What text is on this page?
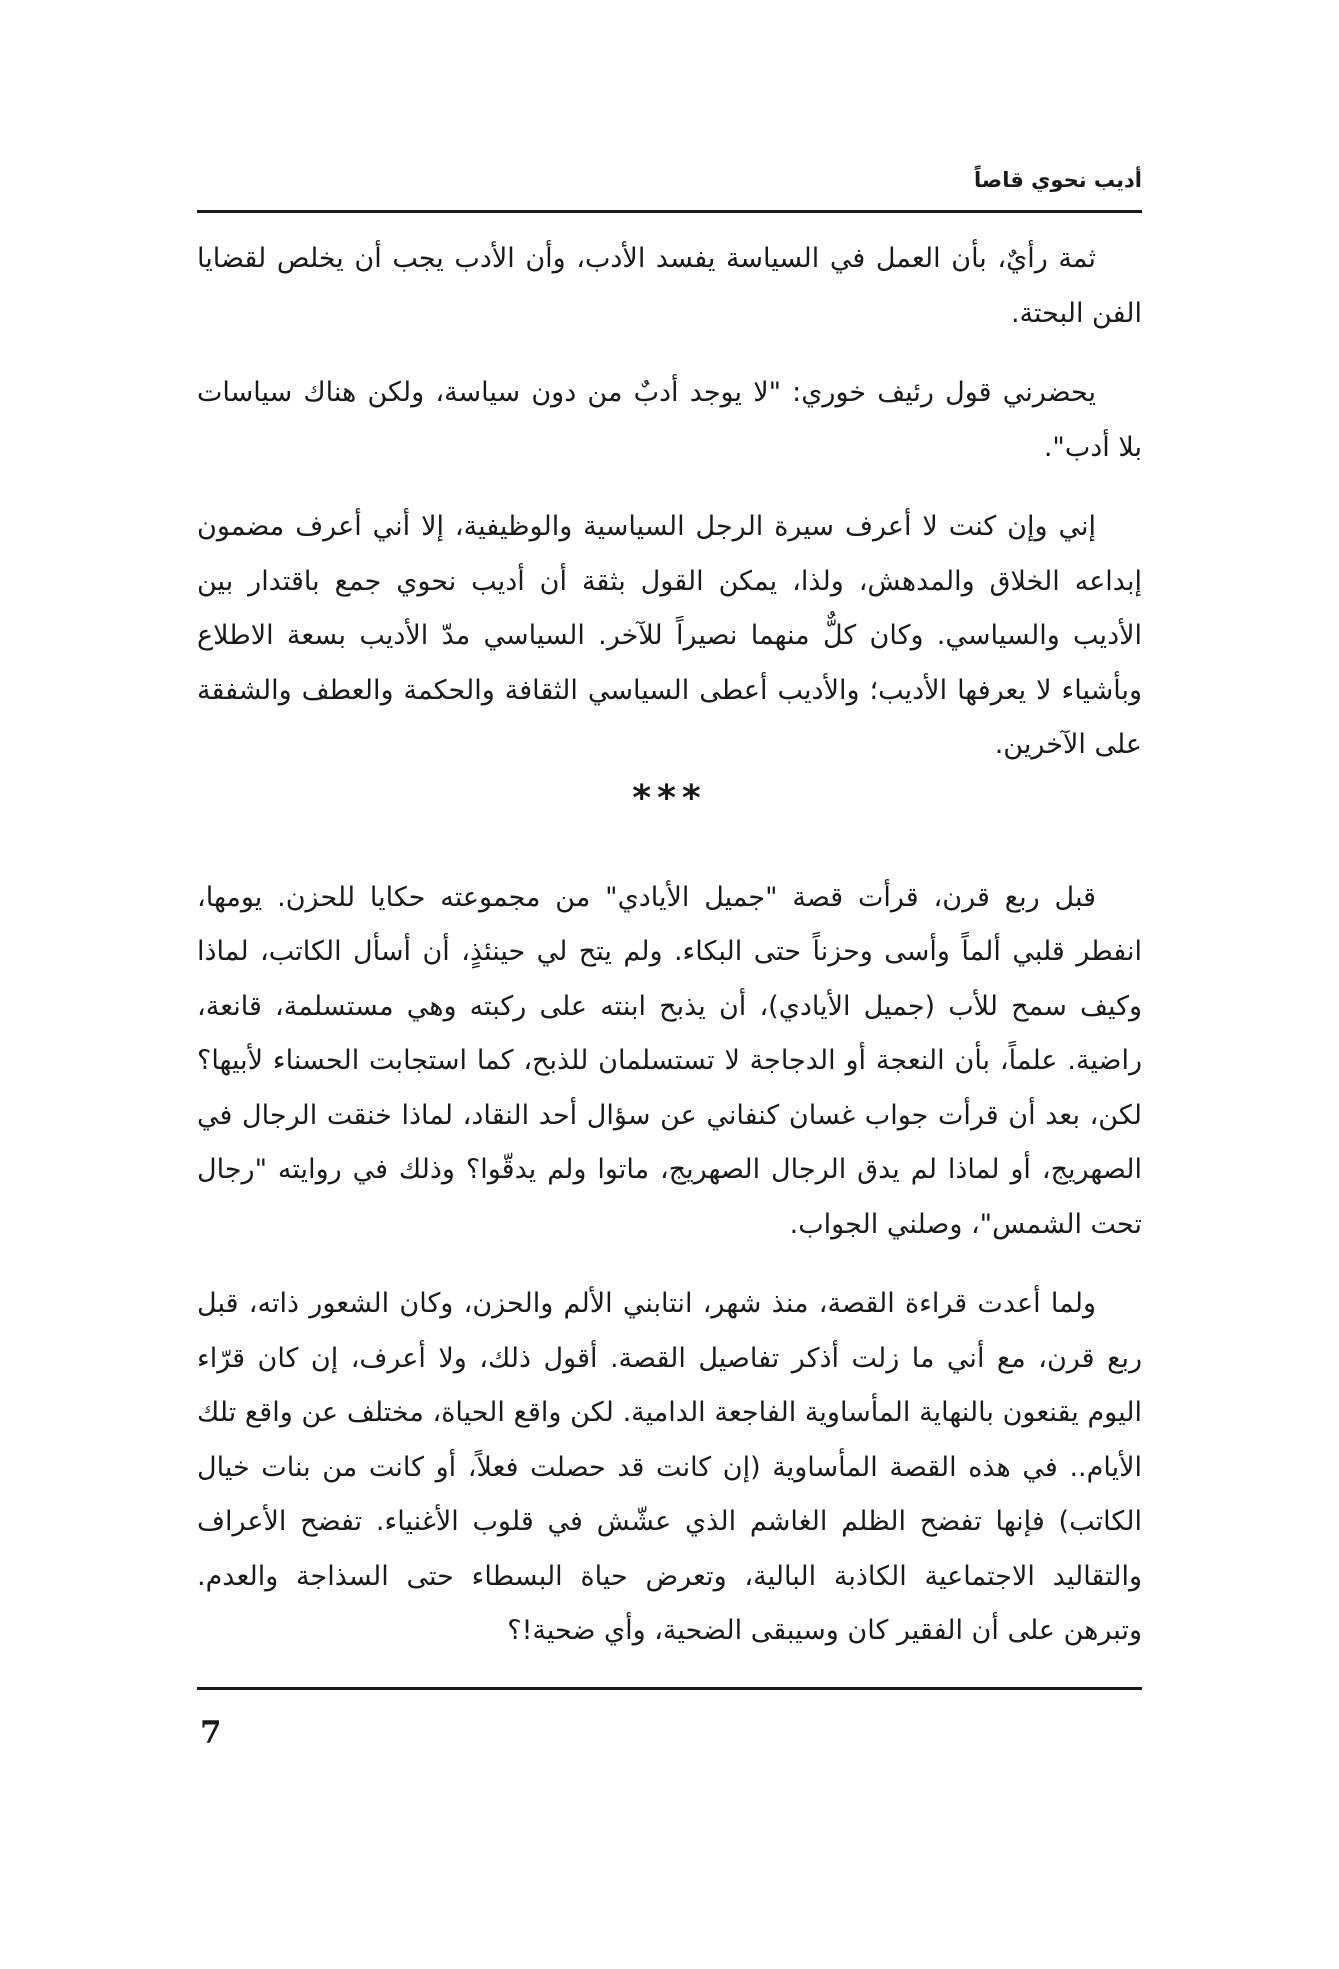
أديب نحوي قاصاً

ثمة رأيٌ، بأن العمل في السياسة يفسد الأدب، وأن الأدب يجب أن يخلص لقضايا الفن البحتة.

يحضرني قول رئيف خوري: "لا يوجد أدبٌ من دون سياسة، ولكن هناك سياسات بلا أدب".

إني وإن كنت لا أعرف سيرة الرجل السياسية والوظيفية، إلا أني أعرف مضمون إبداعه الخلاق والمدهش، ولذا، يمكن القول بثقة أن أديب نحوي جمع باقتدار بين الأديب والسياسي. وكان كلٌّ منهما نصيراً للآخر. السياسي مدّ الأديب بسعة الاطلاع وبأشياء لا يعرفها الأديب؛ والأديب أعطى السياسي الثقافة والحكمة والعطف والشفقة على الآخرين.

***

قبل ربع قرن، قرأت قصة "جميل الأيادي" من مجموعته حكايا للحزن. يومها، انفطر قلبي ألماً وأسى وحزناً حتى البكاء. ولم يتح لي حينئذٍ، أن أسأل الكاتب، لماذا وكيف سمح للأب (جميل الأيادي)، أن يذبح ابنته على ركبته وهي مستسلمة، قانعة، راضية. علماً، بأن النعجة أو الدجاجة لا تستسلمان للذبح، كما استجابت الحسناء لأبيها؟ لكن، بعد أن قرأت جواب غسان كنفاني عن سؤال أحد النقاد، لماذا خنقت الرجال في الصهريج، أو لماذا لم يدق الرجال الصهريج، ماتوا ولم يدقّوا؟ وذلك في روايته "رجال تحت الشمس"، وصلني الجواب.

ولما أعدت قراءة القصة، منذ شهر، انتابني الألم والحزن، وكان الشعور ذاته، قبل ربع قرن، مع أني ما زلت أذكر تفاصيل القصة. أقول ذلك، ولا أعرف، إن كان قرّاء اليوم يقنعون بالنهاية المأساوية الفاجعة الدامية. لكن واقع الحياة، مختلف عن واقع تلك الأيام.. في هذه القصة المأساوية (إن كانت قد حصلت فعلاً، أو كانت من بنات خيال الكاتب) فإنها تفضح الظلم الغاشم الذي عشّش في قلوب الأغنياء. تفضح الأعراف والتقاليد الاجتماعية الكاذبة البالية، وتعرض حياة البسطاء حتى السذاجة والعدم. وتبرهن على أن الفقير كان وسيبقى الضحية، وأي ضحية!؟

7
